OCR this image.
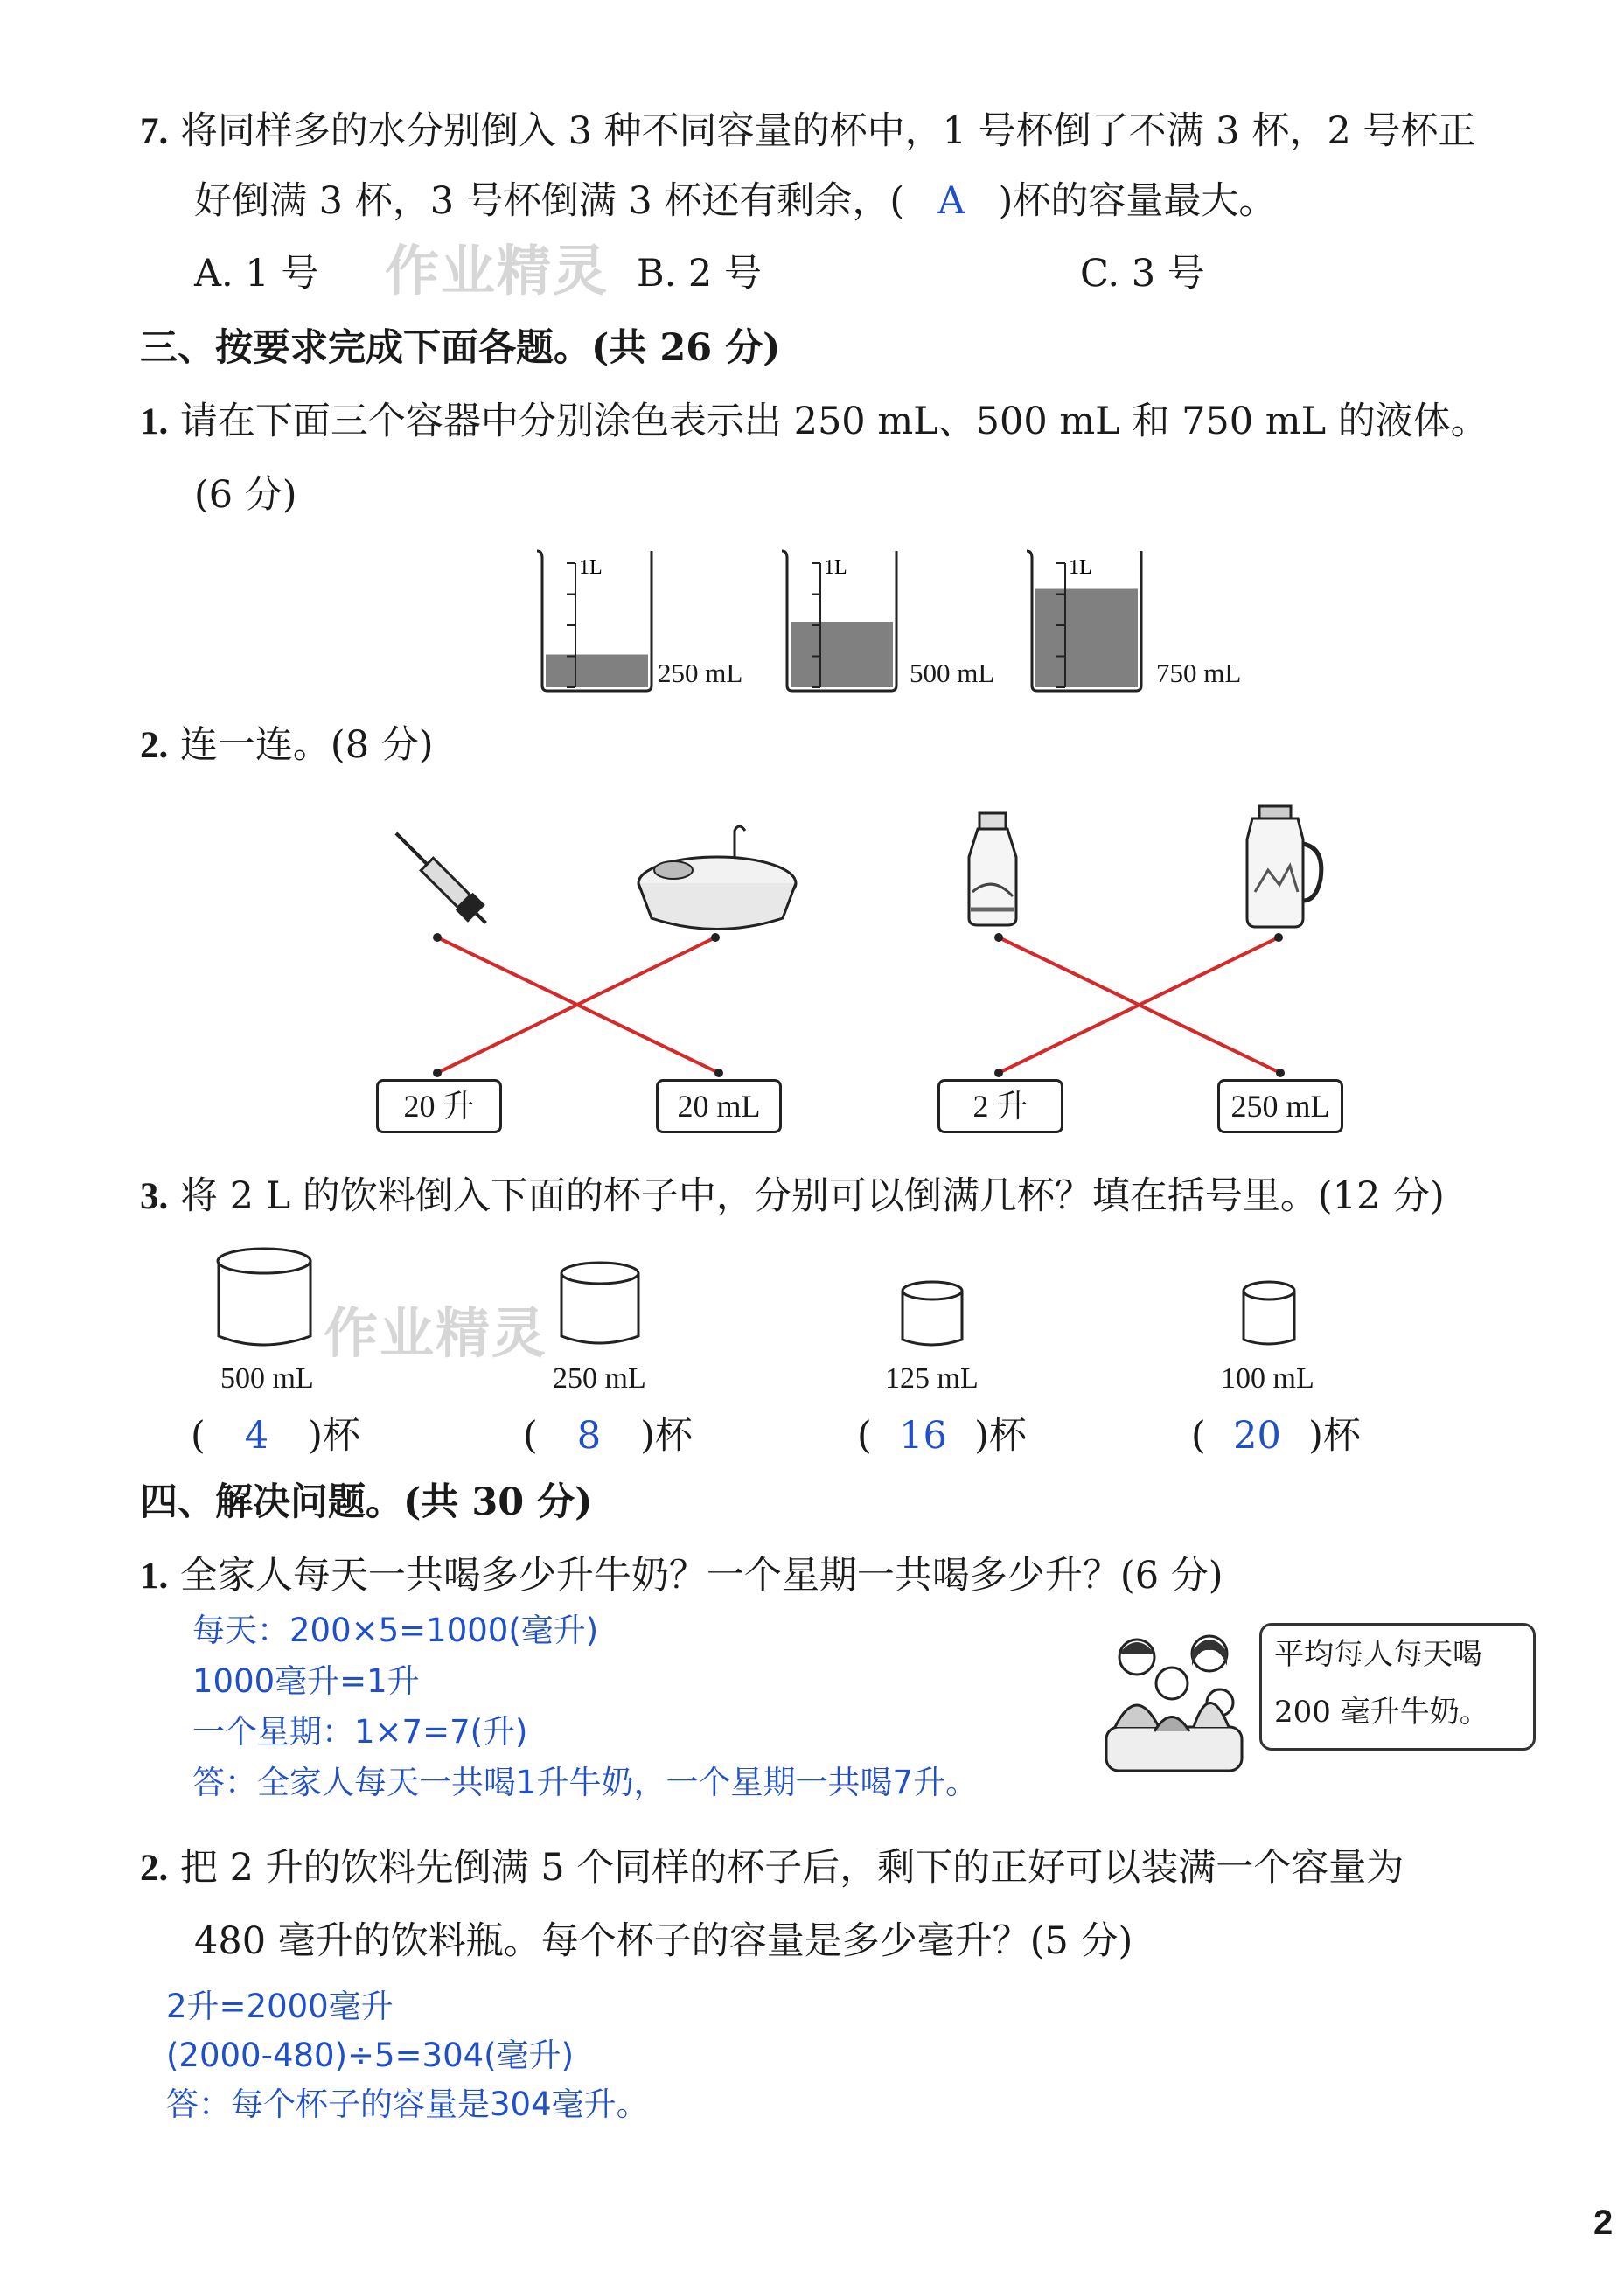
作业精灵
作业精灵
7. 将同样多的水分别倒入 3 种不同容量的杯中，1 号杯倒了不满 3 杯，2 号杯正
好倒满 3 杯，3 号杯倒满 3 杯还有剩余，( A )杯的容量最大。
A. 1 号	B. 2 号	C. 3 号
三、按要求完成下面各题。(共 26 分)
1. 请在下面三个容器中分别涂色表示出 250 mL、500 mL 和 750 mL 的液体。
(6 分)
1L	1L	1L
250 mL	500 mL	750 mL
2. 连一连。(8 分)
20 升	20 mL	2 升	250 mL
3. 将 2 L 的饮料倒入下面的杯子中，分别可以倒满几杯？填在括号里。(12 分)
500 mL	250 mL	125 mL	100 mL
( 4 )杯	( 8 )杯	( 16 )杯	( 20 )杯
四、解决问题。(共 30 分)
1. 全家人每天一共喝多少升牛奶？一个星期一共喝多少升？(6 分)
每天：200×5=1000(毫升)
1000毫升=1升
一个星期：1×7=7(升)
答：全家人每天一共喝1升牛奶，一个星期一共喝7升。
平均每人每天喝
200 毫升牛奶。
2. 把 2 升的饮料先倒满 5 个同样的杯子后，剩下的正好可以装满一个容量为
480 毫升的饮料瓶。每个杯子的容量是多少毫升？(5 分)
2升=2000毫升
(2000-480)÷5=304(毫升)
答：每个杯子的容量是304毫升。
2
